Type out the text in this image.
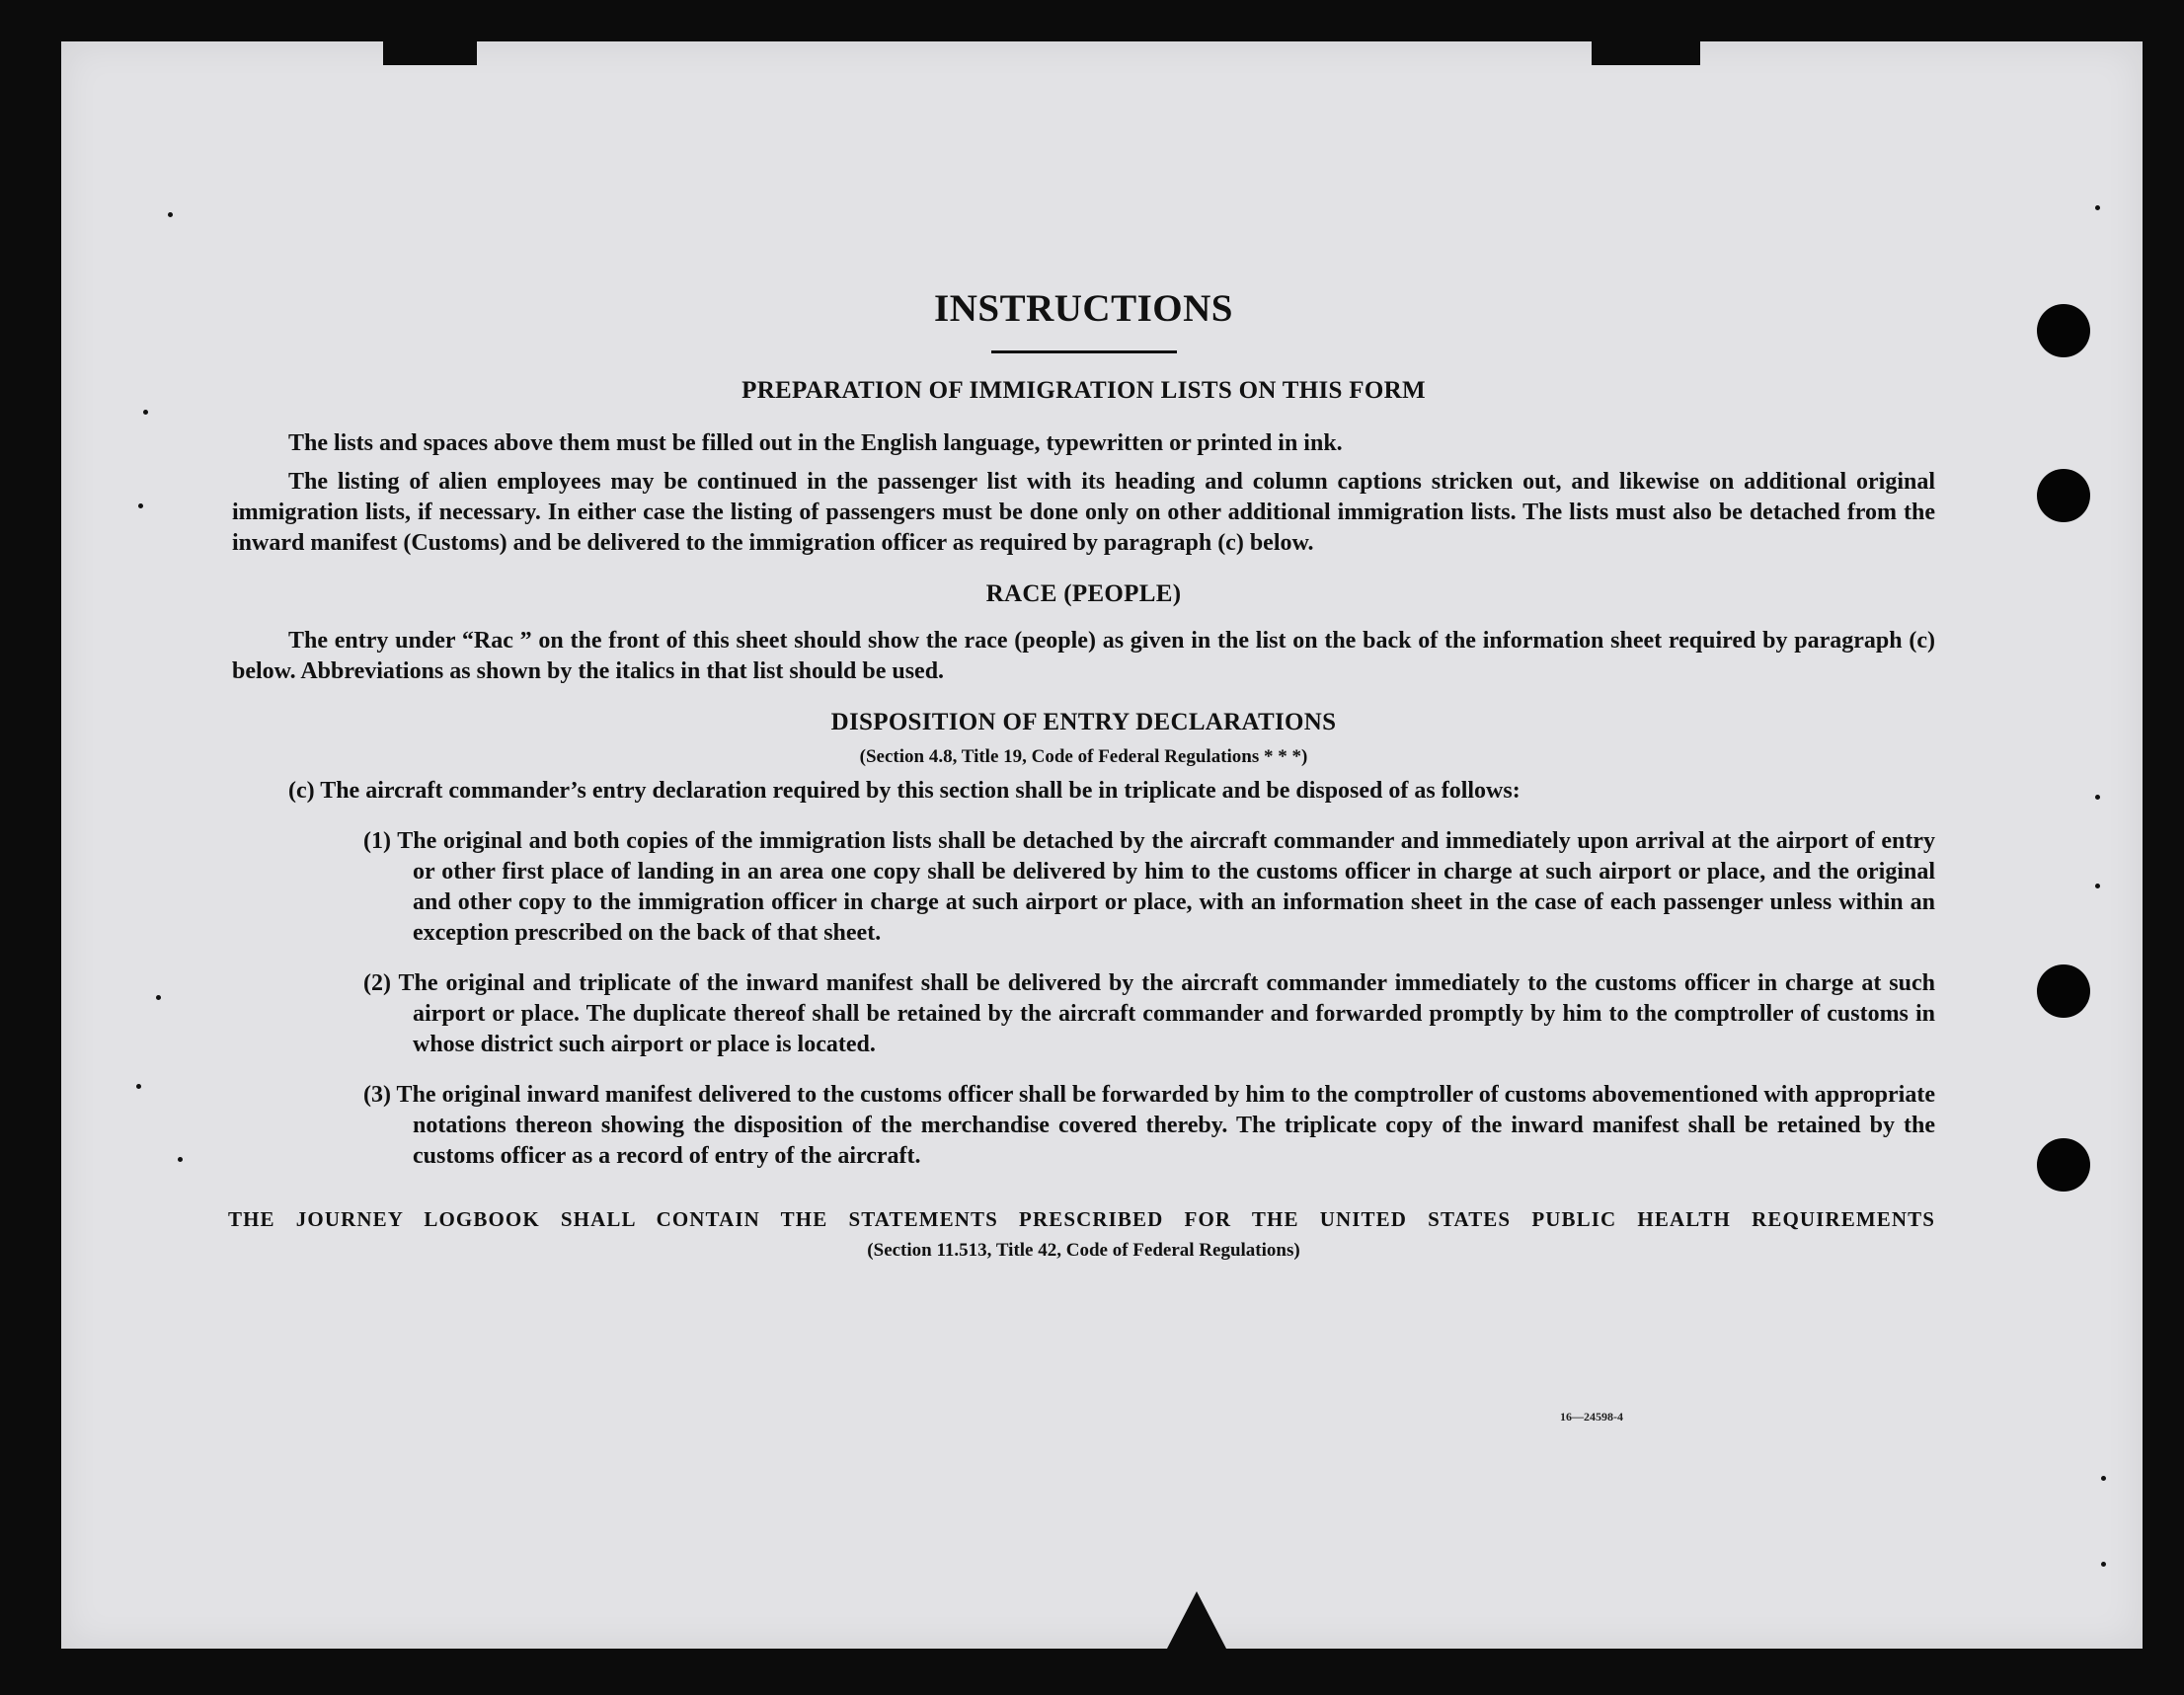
INSTRUCTIONS
PREPARATION OF IMMIGRATION LISTS ON THIS FORM

The lists and spaces above them must be filled out in the English language, typewritten or printed in ink.

The listing of alien employees may be continued in the passenger list with its heading and column captions stricken out, and likewise on additional original immigration lists, if necessary. In either case the listing of passengers must be done only on other additional immigration lists. The lists must also be detached from the inward manifest (Customs) and be delivered to the immigration officer as required by paragraph (c) below.

RACE (PEOPLE)

The entry under “Rac ” on the front of this sheet should show the race (people) as given in the list on the back of the information sheet required by paragraph (c) below. Abbreviations as shown by the italics in that list should be used.

DISPOSITION OF ENTRY DECLARATIONS

(Section 4.8, Title 19, Code of Federal Regulations * * *)

(c) The aircraft commander’s entry declaration required by this section shall be in triplicate and be disposed of as follows:

(1) The original and both copies of the immigration lists shall be detached by the aircraft commander and immediately upon arrival at the airport of entry or other first place of landing in an area one copy shall be delivered by him to the customs officer in charge at such airport or place, and the original and other copy to the immigration officer in charge at such airport or place, with an information sheet in the case of each passenger unless within an exception prescribed on the back of that sheet.

(2) The original and triplicate of the inward manifest shall be delivered by the aircraft commander immediately to the customs officer in charge at such airport or place. The duplicate thereof shall be retained by the aircraft commander and forwarded promptly by him to the comptroller of customs in whose district such airport or place is located.

(3) The original inward manifest delivered to the customs officer shall be forwarded by him to the comptroller of customs abovementioned with appropriate notations thereon showing the disposition of the merchandise covered thereby. The triplicate copy of the inward manifest shall be retained by the customs officer as a record of entry of the aircraft.

THE JOURNEY LOGBOOK SHALL CONTAIN THE STATEMENTS PRESCRIBED FOR THE UNITED STATES PUBLIC HEALTH REQUIREMENTS

(Section 11.513, Title 42, Code of Federal Regulations)

16—24598-4
